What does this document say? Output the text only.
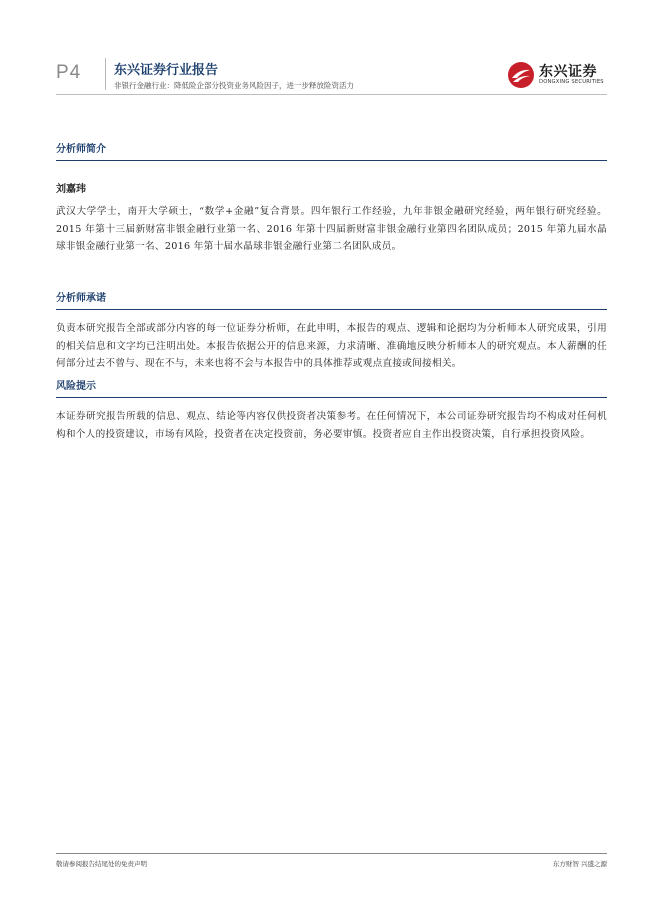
P4	东兴证券行业报告
非银行金融行业：降低险企部分投资业务风险因子，进一步释放险资活力
东兴证券
DONGXING SECURITIES
分析师简介
刘嘉玮

武汉大学学士，南开大学硕士，“数学+金融”复合背景。四年银行工作经验，九年非银金融研究经验，两年银行研究经验。2015 年第十三届新财富非银金融行业第一名、2016 年第十四届新财富非银金融行业第四名团队成员；2015 年第九届水晶球非银金融行业第一名、2016 年第十届水晶球非银金融行业第二名团队成员。

分析师承诺

负责本研究报告全部或部分内容的每一位证券分析师，在此申明，本报告的观点、逻辑和论据均为分析师本人研究成果，引用的相关信息和文字均已注明出处。本报告依据公开的信息来源，力求清晰、准确地反映分析师本人的研究观点。本人薪酬的任何部分过去不曾与、现在不与，未来也将不会与本报告中的具体推荐或观点直接或间接相关。

风险提示

本证券研究报告所载的信息、观点、结论等内容仅供投资者决策参考。在任何情况下，本公司证券研究报告均不构成对任何机构和个人的投资建议，市场有风险，投资者在决定投资前，务必要审慎。投资者应自主作出投资决策，自行承担投资风险。

敬请参阅报告结尾处的免责声明	东方财智 兴盛之源
